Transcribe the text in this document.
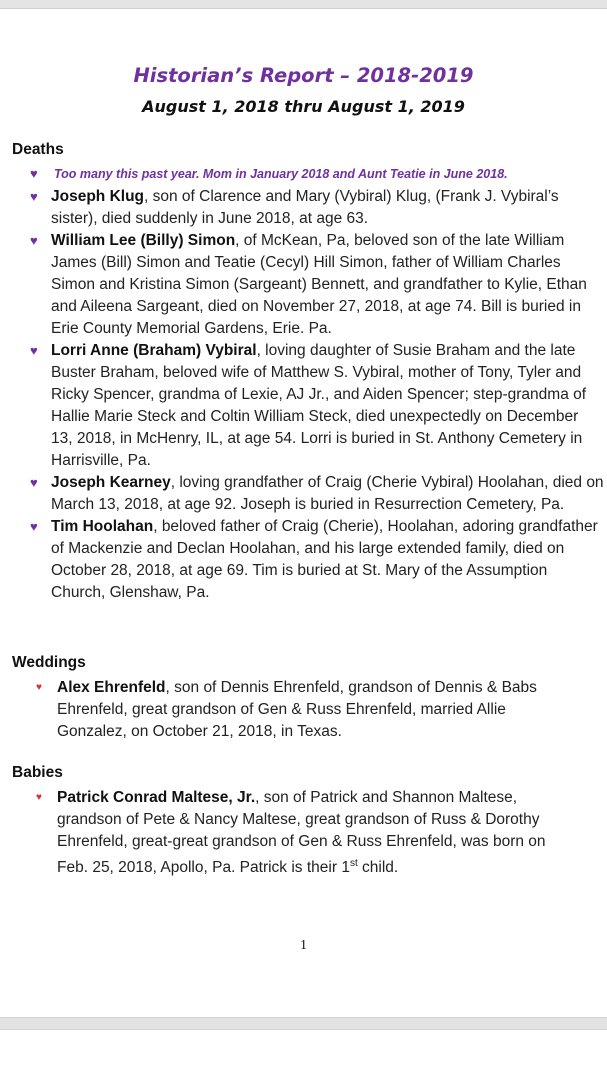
Historian’s Report – 2018-2019
August 1, 2018 thru August 1, 2019
Deaths
♥ Too many this past year. Mom in January 2018 and Aunt Teatie in June 2018.
♥ Joseph Klug, son of Clarence and Mary (Vybiral) Klug, (Frank J. Vybiral’s sister), died suddenly in June 2018, at age 63.
♥ William Lee (Billy) Simon, of McKean, Pa, beloved son of the late William James (Bill) Simon and Teatie (Cecyl) Hill Simon, father of William Charles Simon and Kristina Simon (Sargeant) Bennett, and grandfather to Kylie, Ethan and Aileena Sargeant, died on November 27, 2018, at age 74. Bill is buried in Erie County Memorial Gardens, Erie. Pa.
♥ Lorri Anne (Braham) Vybiral, loving daughter of Susie Braham and the late Buster Braham, beloved wife of Matthew S. Vybiral, mother of Tony, Tyler and Ricky Spencer, grandma of Lexie, AJ Jr., and Aiden Spencer; step-grandma of Hallie Marie Steck and Coltin William Steck, died unexpectedly on December 13, 2018, in McHenry, IL, at age 54. Lorri is buried in St. Anthony Cemetery in Harrisville, Pa.
♥ Joseph Kearney, loving grandfather of Craig (Cherie Vybiral) Hoolahan, died on March 13, 2018, at age 92. Joseph is buried in Resurrection Cemetery, Pa.
♥ Tim Hoolahan, beloved father of Craig (Cherie), Hoolahan, adoring grandfather of Mackenzie and Declan Hoolahan, and his large extended family, died on October 28, 2018, at age 69. Tim is buried at St. Mary of the Assumption Church, Glenshaw, Pa.
Weddings
♥ Alex Ehrenfeld, son of Dennis Ehrenfeld, grandson of Dennis & Babs Ehrenfeld, great grandson of Gen & Russ Ehrenfeld, married Allie Gonzalez, on October 21, 2018, in Texas.
Babies
♥ Patrick Conrad Maltese, Jr., son of Patrick and Shannon Maltese, grandson of Pete & Nancy Maltese, great grandson of Russ & Dorothy Ehrenfeld, great-great grandson of Gen & Russ Ehrenfeld, was born on Feb. 25, 2018, Apollo, Pa. Patrick is their 1st child.
1
